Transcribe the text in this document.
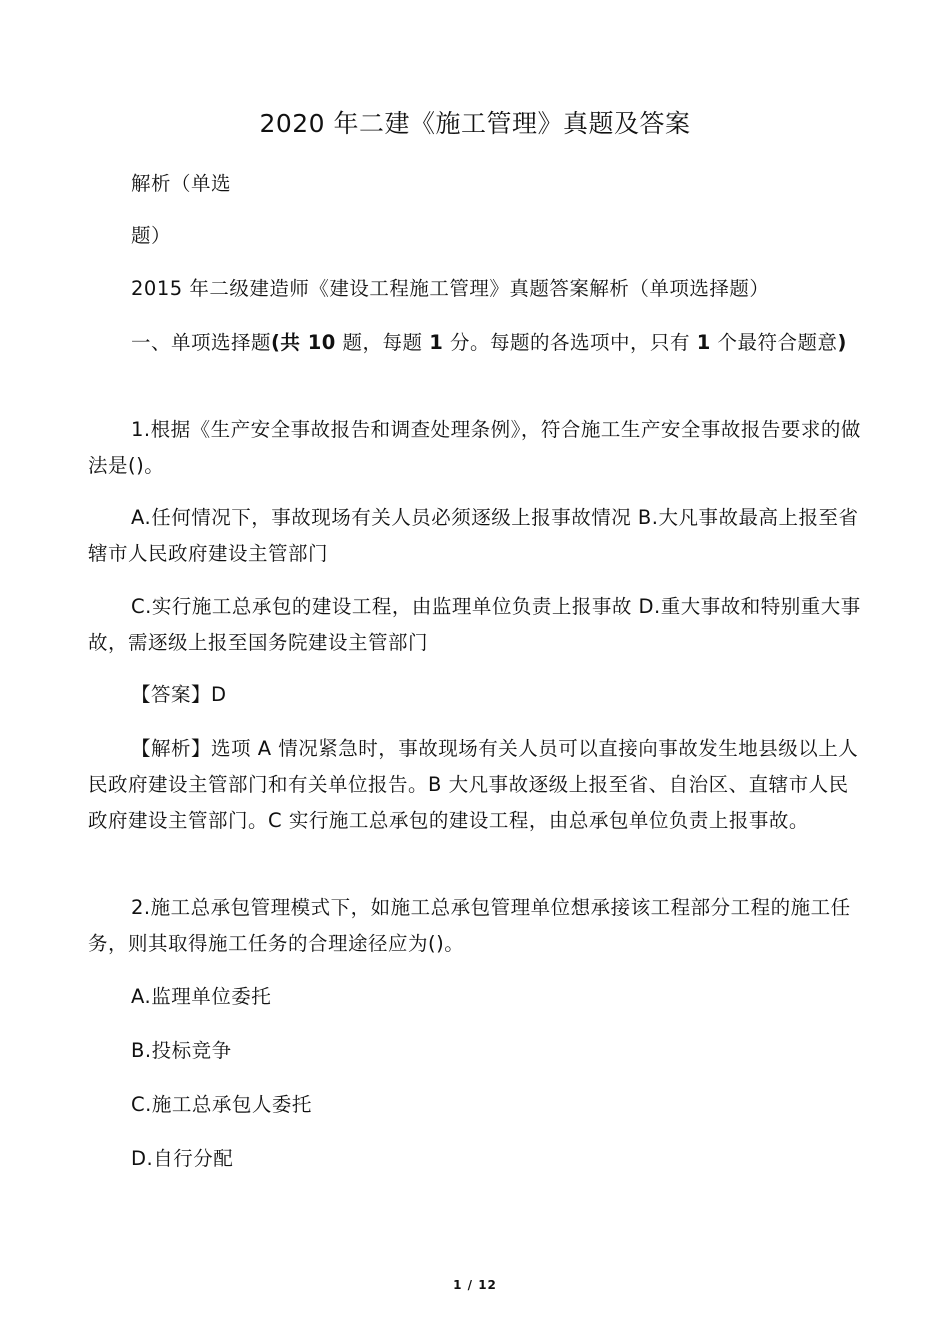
2020 年二建《施工管理》真题及答案
解析（单选
题）
2015 年二级建造师《建设工程施工管理》真题答案解析（单项选择题）
一、单项选择题(共 10 题，每题 1 分。每题的各选项中，只有 1 个最符合题意)
1.根据《生产安全事故报告和调查处理条例》，符合施工生产安全事故报告要求的做法是()。
A.任何情况下，事故现场有关人员必须逐级上报事故情况 B.大凡事故最高上报至省辖市人民政府建设主管部门
C.实行施工总承包的建设工程，由监理单位负责上报事故 D.重大事故和特别重大事故，需逐级上报至国务院建设主管部门
【答案】D
【解析】选项 A 情况紧急时，事故现场有关人员可以直接向事故发生地县级以上人民政府建设主管部门和有关单位报告。B 大凡事故逐级上报至省、自治区、直辖市人民政府建设主管部门。C 实行施工总承包的建设工程，由总承包单位负责上报事故。
2.施工总承包管理模式下，如施工总承包管理单位想承接该工程部分工程的施工任务，则其取得施工任务的合理途径应为()。
A.监理单位委托
B.投标竞争
C.施工总承包人委托
D.自行分配
1 / 12
